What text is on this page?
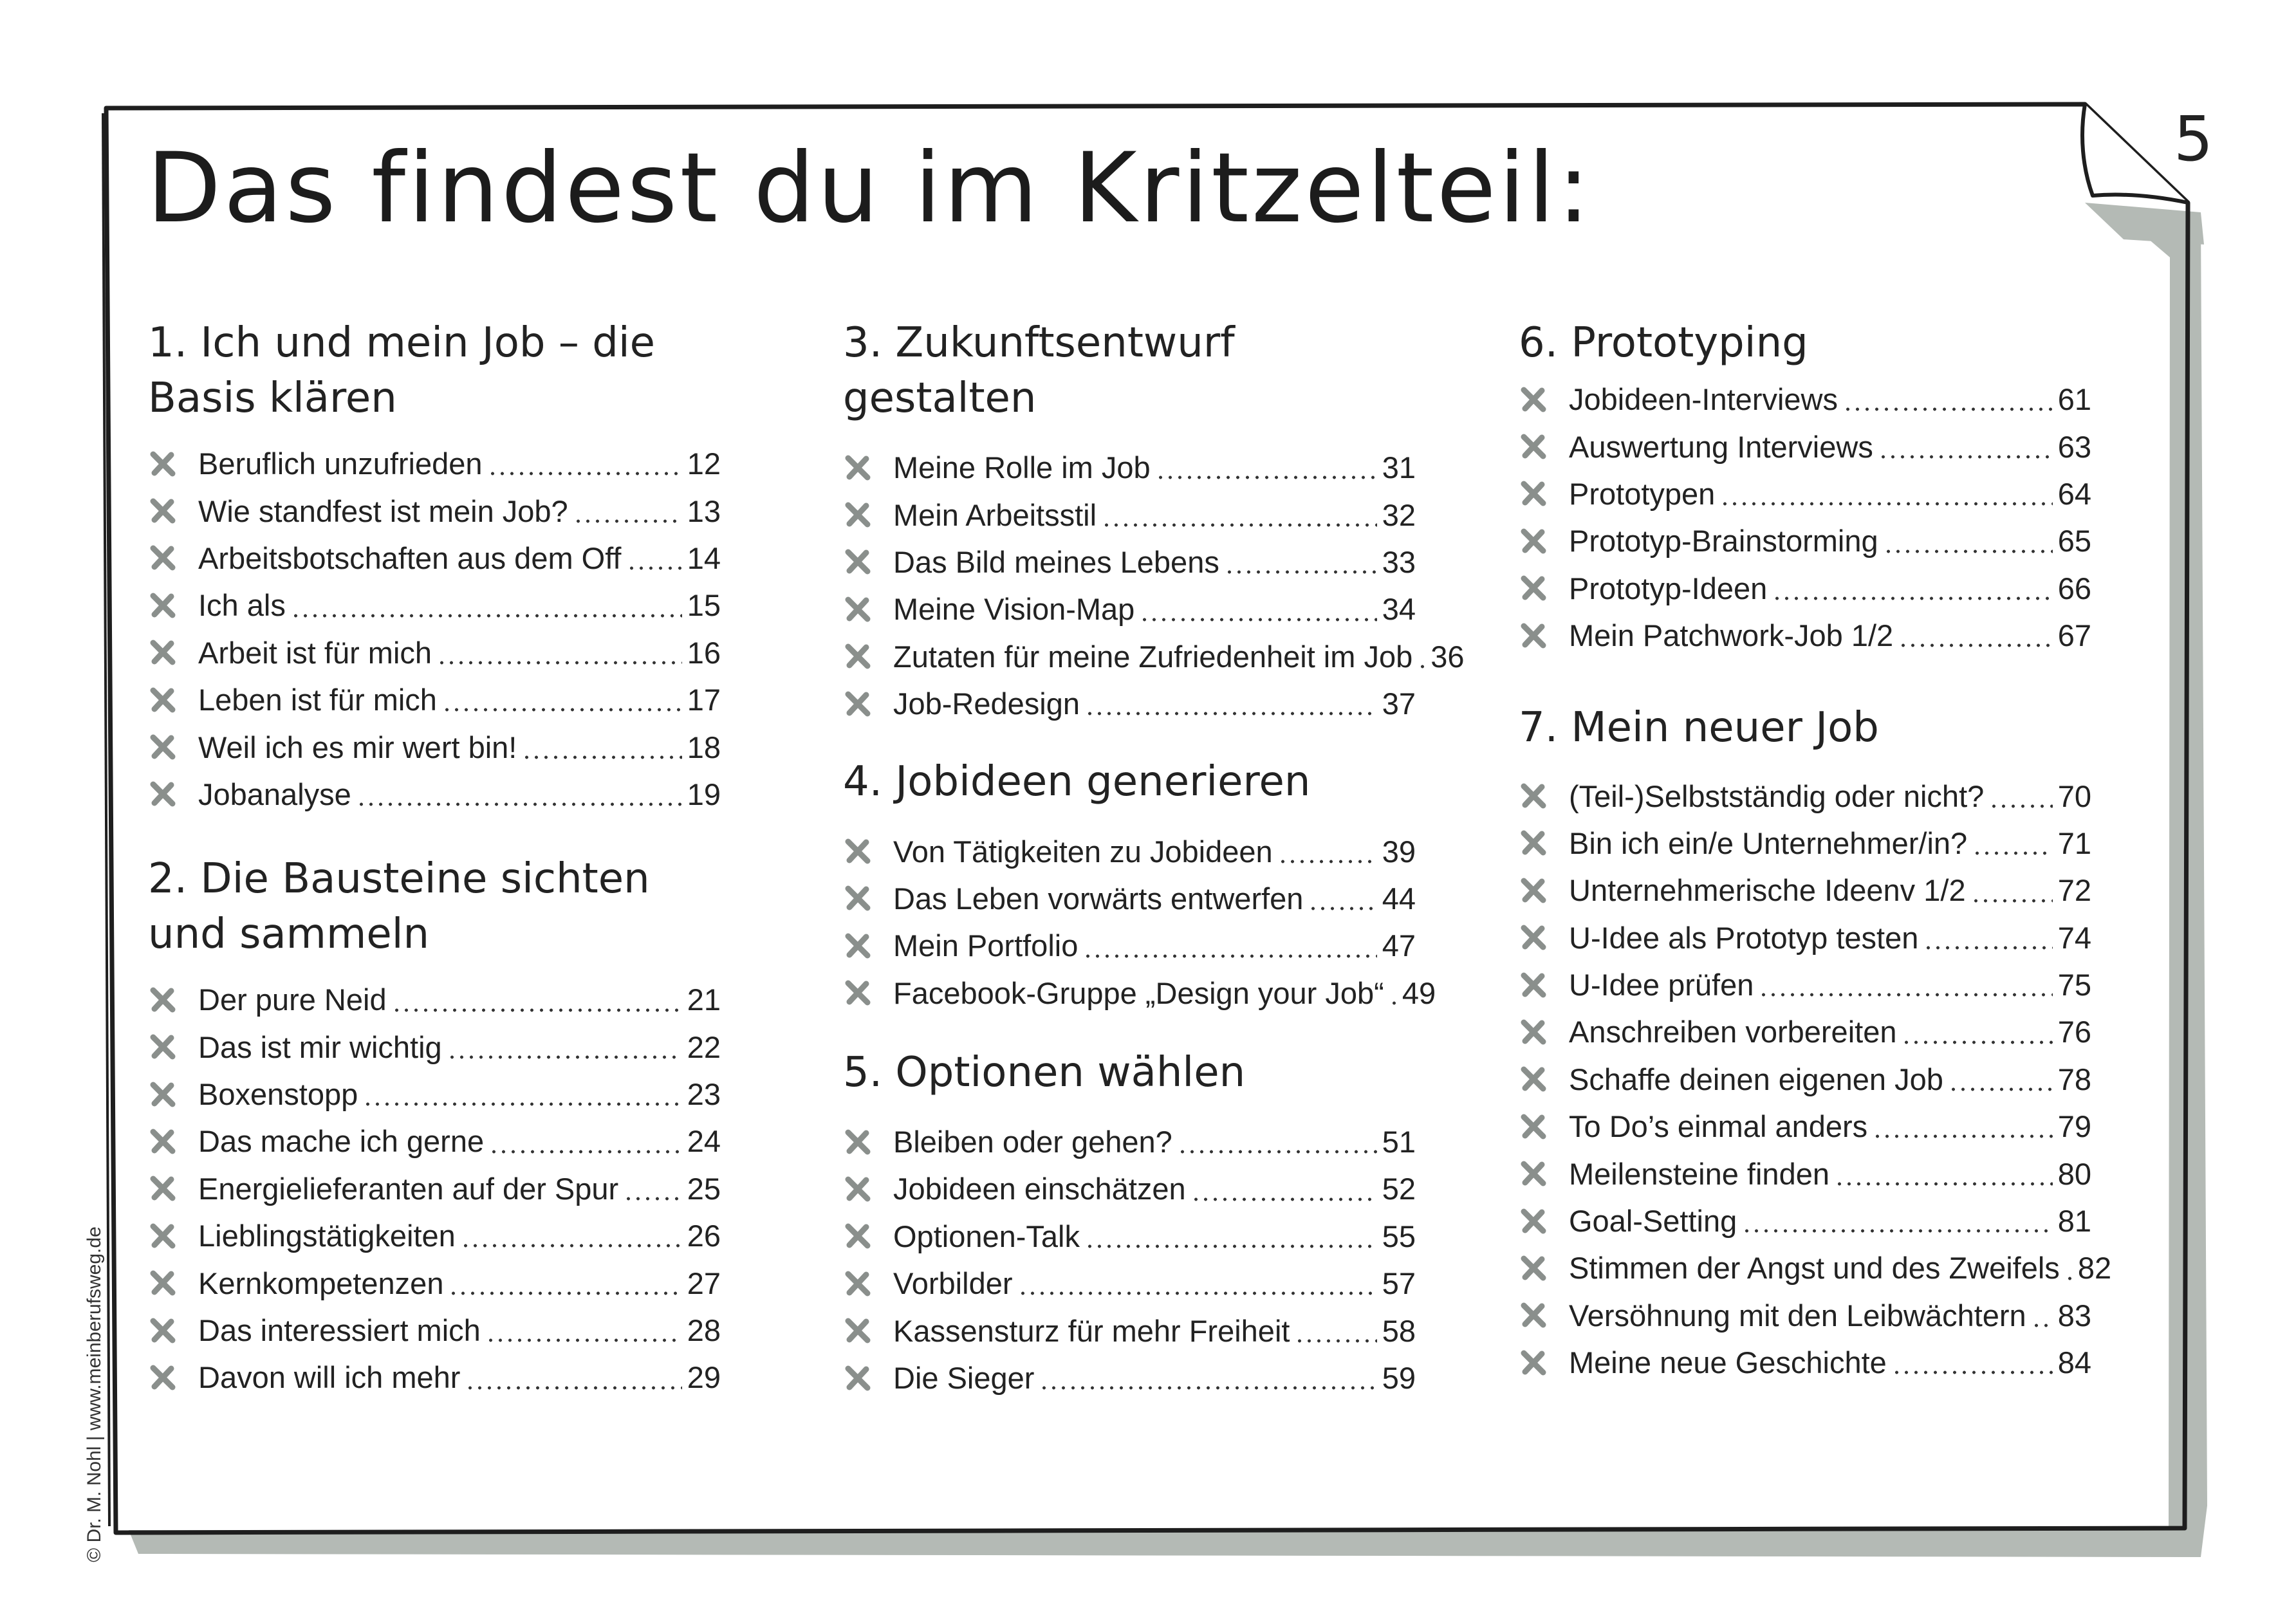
5
Das findest du im Kritzelteil:
© Dr. M. Nohl | www.meinberufsweg.de
1. Ich und mein Job – die Basis klären
Beruflich unzufrieden	12
Wie standfest ist mein Job?	13
Arbeitsbotschaften aus dem Off 14
Ich als	15
Arbeit ist für mich	16
Leben ist für mich	17
Weil ich es mir wert bin!	18
Jobanalyse	19
2. Die Bausteine sichten und sammeln
Der pure Neid	21
Das ist mir wichtig	22
Boxenstopp	23
Das mache ich gerne	24
Energielieferanten auf der Spur 25
Lieblingstätigkeiten	26
Kernkompetenzen	27
Das interessiert mich	28
Davon will ich mehr	29
3. Zukunftsentwurf gestalten
Meine Rolle im Job	31
Mein Arbeitsstil	32
Das Bild meines Lebens	33
Meine Vision-Map	34
Zutaten für meine Zufriedenheit im Job 36
Job-Redesign	37
4. Jobideen generieren
Von Tätigkeiten zu Jobideen	39
Das Leben vorwärts entwerfen	44
Mein Portfolio	47
Facebook-Gruppe „Design your Job“ 49
5. Optionen wählen
Bleiben oder gehen?	51
Jobideen einschätzen	52
Optionen-Talk	55
Vorbilder	57
Kassensturz für mehr Freiheit	58
Die Sieger	59
6. Prototyping
Jobideen-Interviews	61
Auswertung Interviews	63
Prototypen	64
Prototyp-Brainstorming	65
Prototyp-Ideen	66
Mein Patchwork-Job 1/2	67
7. Mein neuer Job
(Teil-)Selbstständig oder nicht? 70
Bin ich ein/e Unternehmer/in?	71
Unternehmerische Ideenv 1/2	72
U-Idee als Prototyp testen	74
U-Idee prüfen	75
Anschreiben vorbereiten	76
Schaffe deinen eigenen Job	78
To Do’s einmal anders	79
Meilensteine finden	80
Goal-Setting	81
Stimmen der Angst und des Zweifels 82
Versöhnung mit den Leibwächtern 83
Meine neue Geschichte	84
